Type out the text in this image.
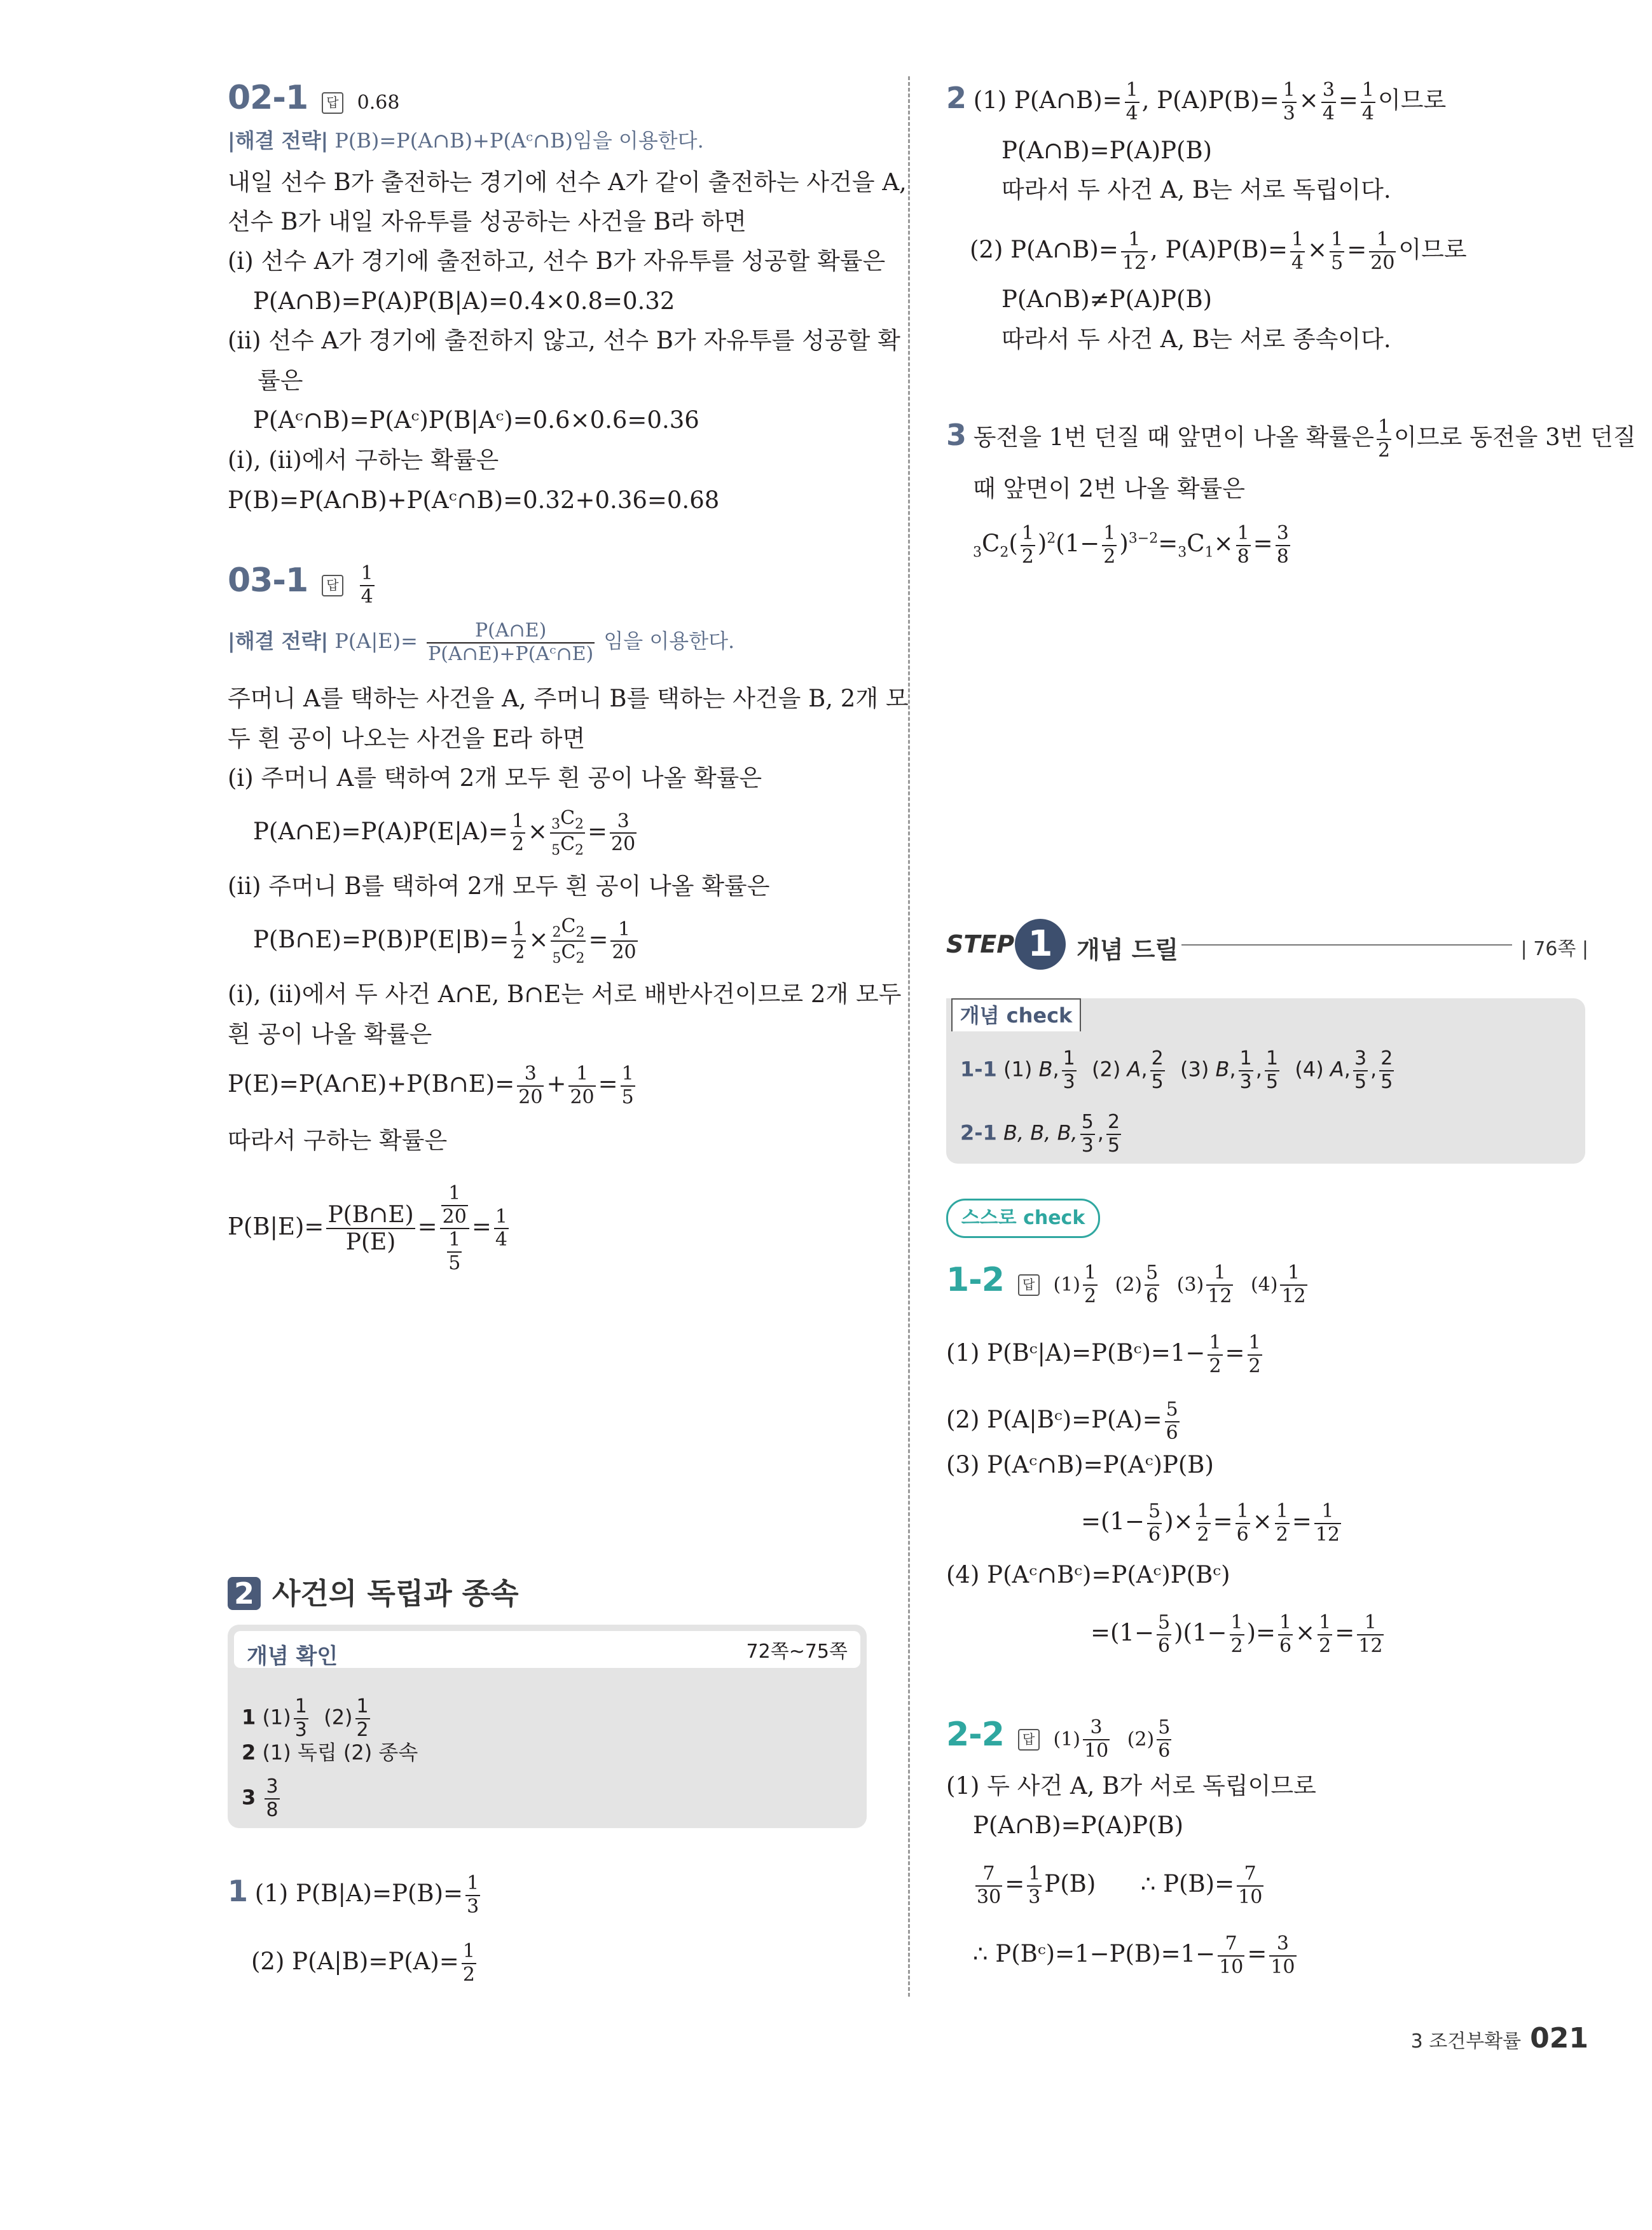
02-1 답 0.68
|해결 전략| P(B)=P(A∩B)+P(Aᶜ∩B)임을 이용한다.
내일 선수 B가 출전하는 경기에 선수 A가 같이 출전하는 사건을 A,
선수 B가 내일 자유투를 성공하는 사건을 B라 하면
(i) 선수 A가 경기에 출전하고, 선수 B가 자유투를 성공할 확률은
P(A∩B)=P(A)P(B|A)=0.4×0.8=0.32
(ii) 선수 A가 경기에 출전하지 않고, 선수 B가 자유투를 성공할 확
률은
P(Aᶜ∩B)=P(Aᶜ)P(B|Aᶜ)=0.6×0.6=0.36
(i), (ii)에서 구하는 확률은
P(B)=P(A∩B)+P(Aᶜ∩B)=0.32+0.36=0.68
03-1 답 $\frac{1}{4}$
|해결 전략| $P(A|E)= \frac{P(A\cap E)}{\text{P(A∩E)+P(Aᶜ∩E)}}$ 임을 이용한다.
주머니 A를 택하는 사건을 A, 주머니 B를 택하는 사건을 B, 2개 모
두 흰 공이 나오는 사건을 E라 하면
(i) 주머니 A를 택하여 2개 모두 흰 공이 나올 확률은
P(A∩E)=P(A)P(E|A)= $\frac{1}{2} \times \frac{_3C_2}{_5C_2} = \frac{3}{20}$
(ii) 주머니 B를 택하여 2개 모두 흰 공이 나올 확률은
P(B∩E)=P(B)P(E|B)= $\frac{1}{2} \times \frac{_2C_2}{_5C_2} = \frac{1}{20}$
(i), (ii)에서 두 사건 A∩E, B∩E는 서로 배반사건이므로 2개 모두
흰 공이 나올 확률은
P(E)=P(A∩E)+P(B∩E)= $\frac{3}{20} + \frac{1}{20} = \frac{1}{5}$
따라서 구하는 확률은
$P(B|E)= \frac{P(B\cap E)}{P(E)} = \frac{\frac{1}{20}}{\frac{1}{5}} = \frac{1}{4}$
2 사건의 독립과 종속
개념 확인	72쪽~75쪽
1 $(1) \frac{1}{3} (2) \frac{1}{2}$
2 (1) 독립 (2) 종속
$3 \frac{3}{8}$
1 (1) $P(B|A)=P(B)= \frac{1}{3}$
(2) $P(A|B)=P(A)= \frac{1}{2}$
2 (1) P(A∩B)= $\frac{1}{4}$ , $P(A)P(B)= \frac{1}{3} \times \frac{3}{4} = \frac{1}{4}$ 이므로
P(A∩B)=P(A)P(B)
따라서 두 사건 A, B는 서로 독립이다.
(2) P(A∩B)= $\frac{1}{12}$ , $P(A)P(B)= \frac{1}{4} \times \frac{1}{5} = \frac{1}{20}$ 이므로
P(A∩B)≠P(A)P(B)
따라서 두 사건 A, B는 서로 종속이다.
3 동전을 1번 던질 때 앞면이 나올 확률은 $\frac{1}{2}$ 이므로 동전을 3번 던질
때 앞면이 2번 나올 확률은
$_3C_2( \frac{1}{2} )^2(1- \frac{1}{2} )^{3-2}=_3C_1\times \frac{1}{8} = \frac{3}{8}$
STEP 1 개념 드릴	| 76쪽 |
1-1 (1) B, $\frac{1}{3} (2)$ A, $\frac{2}{5} (3)$ B, $\frac{1}{3}$ , $\frac{1}{5} (4)$ A, $\frac{3}{5}$ , $\frac{2}{5}$
2-1 B, B, B, $\frac{5}{3}$ , $\frac{2}{5}$
개념 check
스스로 check
1-2 답 $(1) \frac{1}{2} (2) \frac{5}{6} (3) \frac{1}{12} (4) \frac{1}{12}$
(1) P(Bᶜ|A)=P(Bᶜ)=1− $\frac{1}{2} = \frac{1}{2}$
(2) P(A|Bᶜ)=P(A)= $\frac{5}{6}$
(3) P(Aᶜ∩B)=P(Aᶜ)P(B)
$=(1- \frac{5}{6}$ )× $\frac{1}{2} = \frac{1}{6} \times \frac{1}{2} = \frac{1}{12}$
(4) P(Aᶜ∩Bᶜ)=P(Aᶜ)P(Bᶜ)
$=(1- \frac{5}{6} )(1- \frac{1}{2}$ )= $\frac{1}{6} \times \frac{1}{2} = \frac{1}{12}$
2-2 답 $(1) \frac{3}{10} (2) \frac{5}{6}$
(1) 두 사건 A, B가 서로 독립이므로
P(A∩B)=P(A)P(B)
$\frac{7}{30} = \frac{1}{3} P(B)$ ∴ $P(B)= \frac{7}{10}$
∴ P(Bᶜ)=1−P(B)=1− $\frac{7}{10} = \frac{3}{10}$
3 조건부확률 021
